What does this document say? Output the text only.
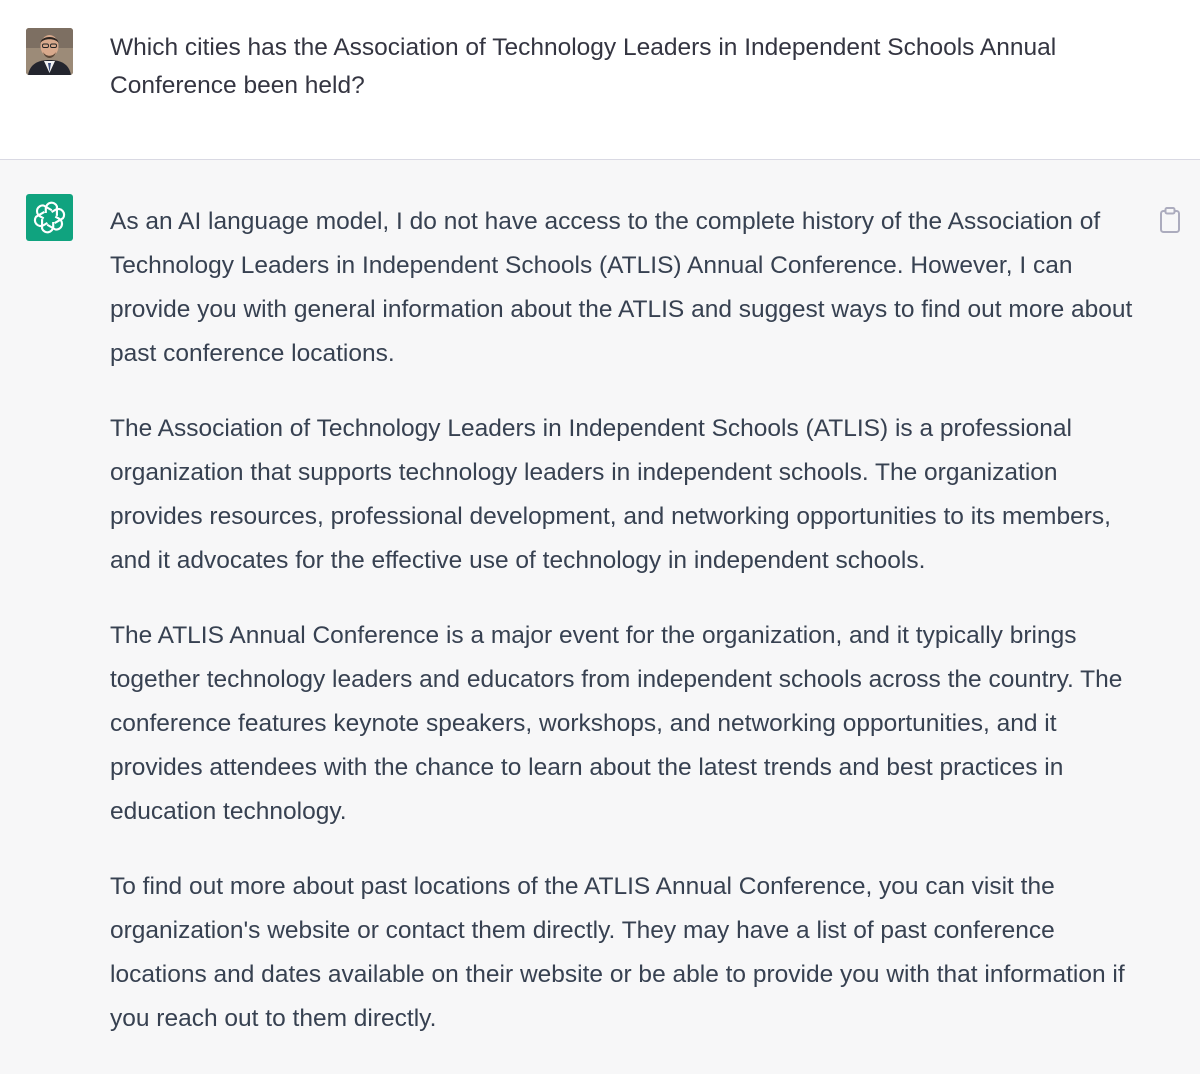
Which cities has the Association of Technology Leaders in Independent Schools Annual Conference been held?

As an AI language model, I do not have access to the complete history of the Association of Technology Leaders in Independent Schools (ATLIS) Annual Conference. However, I can provide you with general information about the ATLIS and suggest ways to find out more about past conference locations.

The Association of Technology Leaders in Independent Schools (ATLIS) is a professional organization that supports technology leaders in independent schools. The organization provides resources, professional development, and networking opportunities to its members, and it advocates for the effective use of technology in independent schools.

The ATLIS Annual Conference is a major event for the organization, and it typically brings together technology leaders and educators from independent schools across the country. The conference features keynote speakers, workshops, and networking opportunities, and it provides attendees with the chance to learn about the latest trends and best practices in education technology.

To find out more about past locations of the ATLIS Annual Conference, you can visit the organization's website or contact them directly. They may have a list of past conference locations and dates available on their website or be able to provide you with that information if you reach out to them directly.
